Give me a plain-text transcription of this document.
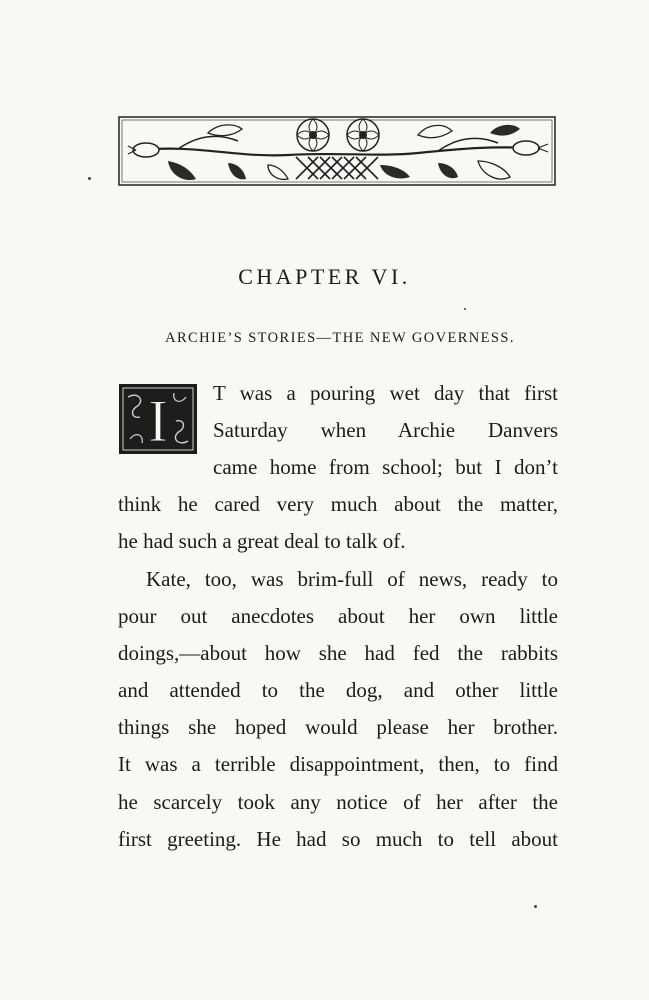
CHAPTER VI.
ARCHIE’S STORIES—THE NEW GOVERNESS.
I T was a pouring wet day that first

Saturday when Archie Danvers

came home from school; but I don’t

think he cared very much about the matter,

he had such a great deal to talk of.

Kate, too, was brim-full of news, ready to

pour out anecdotes about her own little

doings,—about how she had fed the rabbits

and attended to the dog, and other little

things she hoped would please her brother.

It was a terrible disappointment, then, to find

he scarcely took any notice of her after the

first greeting. He had so much to tell about
